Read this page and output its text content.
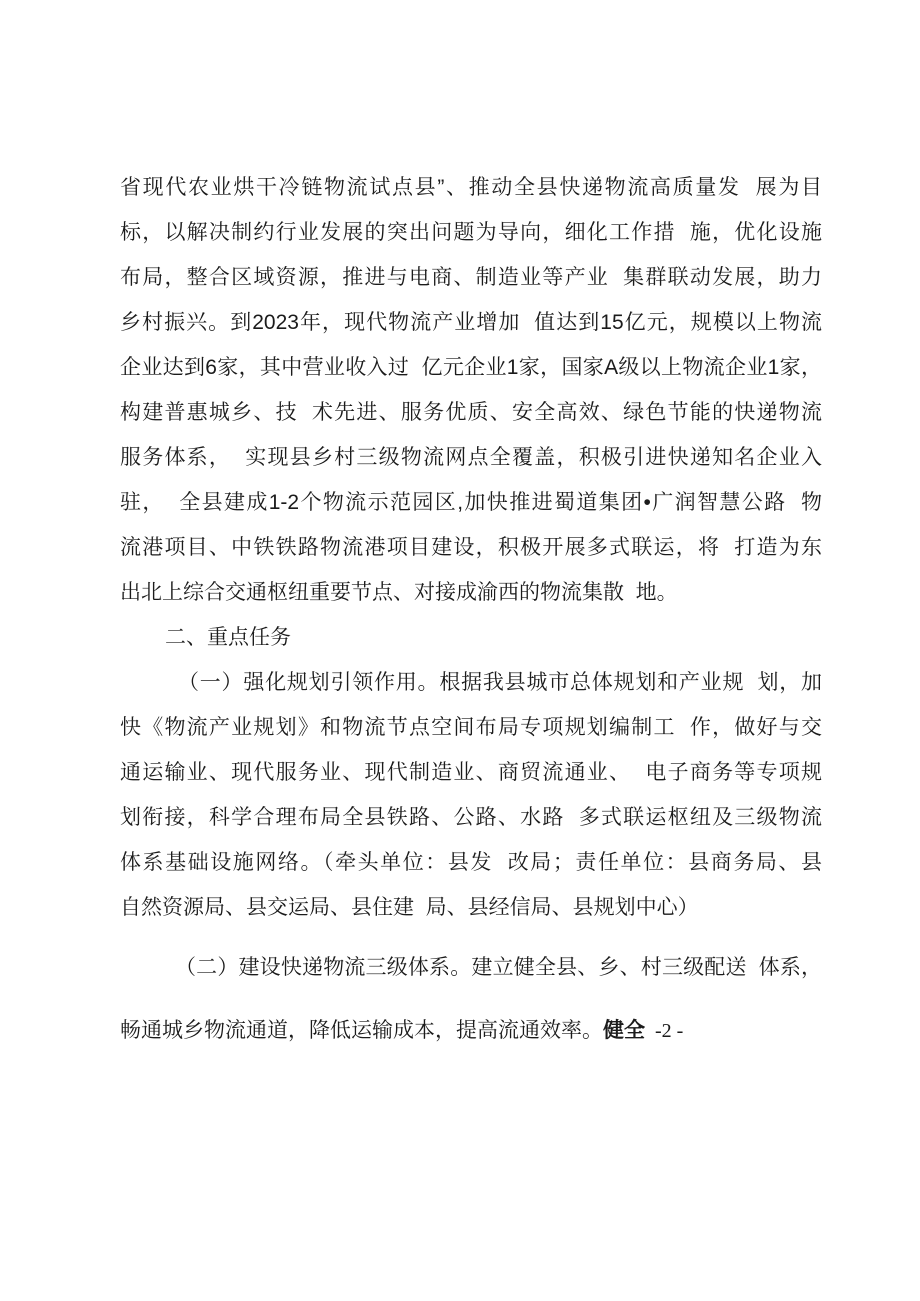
省现代农业烘干冷链物流试点县”、推动全县快递物流高质量发  展为目
标，以解决制约行业发展的突出问题为导向，细化工作措  施，优化设施
布局，整合区域资源，推进与电商、制造业等产业  集群联动发展，助力
乡村振兴。到2023年，现代物流产业增加  值达到15亿元，规模以上物流
企业达到6家，其中营业收入过  亿元企业1家，国家A级以上物流企业1家，
构建普惠城乡、技  术先进、服务优质、安全高效、绿色节能的快递物流
服务体系，  实现县乡村三级物流网点全覆盖，积极引进快递知名企业入
驻，  全县建成1-2个物流示范园区,加快推进蜀道集团•广润智慧公路  物
流港项目、中铁铁路物流港项目建设，积极开展多式联运，将  打造为东
出北上综合交通枢纽重要节点、对接成渝西的物流集散  地。
二、重点任务
（一）强化规划引领作用。根据我县城市总体规划和产业规  划，加
快《物流产业规划》和物流节点空间布局专项规划编制工  作，做好与交
通运输业、现代服务业、现代制造业、商贸流通业、  电子商务等专项规
划衔接，科学合理布局全县铁路、公路、水路  多式联运枢纽及三级物流
体系基础设施网络。（牵头单位：县发  改局；责任单位：县商务局、县
自然资源局、县交运局、县住建  局、县经信局、县规划中心）
（二）建设快递物流三级体系。建立健全县、乡、村三级配送  体系，
畅通城乡物流通道，降低运输成本，提高流通效率。健全 -2 -
